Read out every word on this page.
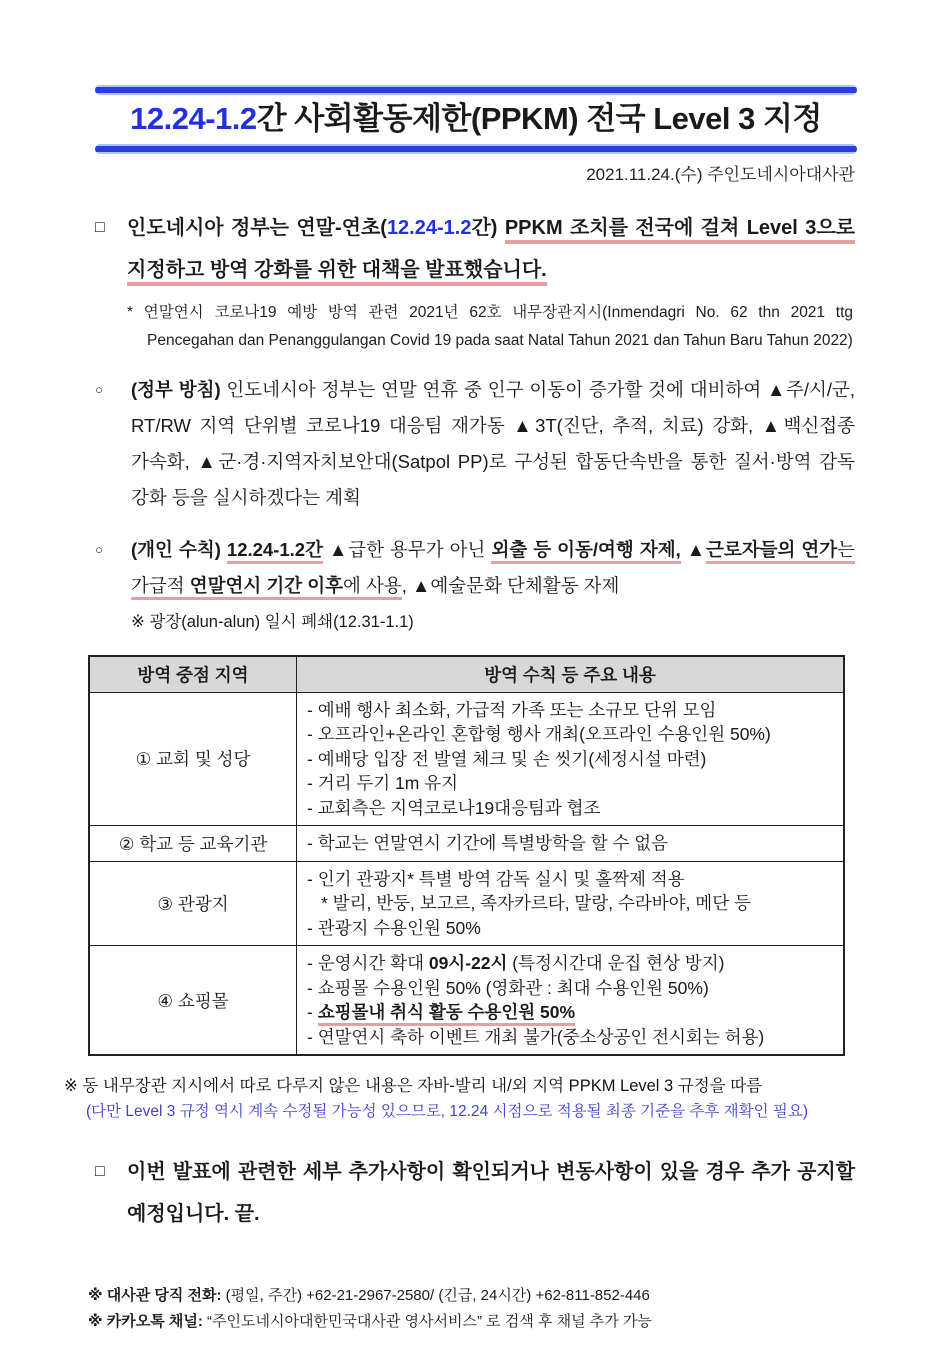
12.24-1.2간 사회활동제한(PPKM) 전국 Level 3 지정
2021.11.24.(수) 주인도네시아대사관
□ 인도네시아 정부는 연말-연초(12.24-1.2간) PPKM 조치를 전국에 걸쳐 Level 3으로 지정하고 방역 강화를 위한 대책을 발표했습니다.

* 연말연시 코로나19 예방 방역 관련 2021년 62호 내무장관지시(Inmendagri No. 62 thn 2021 ttg Pencegahan dan Penanggulangan Covid 19 pada saat Natal Tahun 2021 dan Tahun Baru Tahun 2022)

○ (정부 방침) 인도네시아 정부는 연말 연휴 중 인구 이동이 증가할 것에 대비하여 ▲주/시/군, RT/RW 지역 단위별 코로나19 대응팀 재가동 ▲3T(진단, 추적, 치료) 강화, ▲백신접종 가속화, ▲군·경·지역자치보안대(Satpol PP)로 구성된 합동단속반을 통한 질서·방역 감독 강화 등을 실시하겠다는 계획
○ (개인 수칙) 12.24-1.2간 ▲급한 용무가 아닌 외출 등 이동/여행 자제, ▲근로자들의 연가는 가급적 연말연시 기간 이후에 사용, ▲예술문화 단체활동 자제
※ 광장(alun-alun) 일시 폐쇄(12.31-1.1)
방역 중점 지역	방역 수칙 등 주요 내용
① 교회 및 성당	- 예배 행사 최소화, 가급적 가족 또는 소규모 단위 모임
- 오프라인+온라인 혼합형 행사 개최(오프라인 수용인원 50%)
- 예배당 입장 전 발열 체크 및 손 씻기(세정시설 마련)
- 거리 두기 1m 유지
- 교회측은 지역코로나19대응팀과 협조

② 학교 등 교육기관	- 학교는 연말연시 기간에 특별방학을 할 수 없음

③ 관광지	- 인기 관광지* 특별 방역 감독 실시 및 홀짝제 적용
* 발리, 반둥, 보고르, 족자카르타, 말랑, 수라바야, 메단 등
- 관광지 수용인원 50%

④ 쇼핑몰	- 운영시간 확대 09시-22시 (특정시간대 운집 현상 방지)
- 쇼핑몰 수용인원 50% (영화관 : 최대 수용인원 50%)
- 쇼핑몰내 취식 활동 수용인원 50%
- 연말연시 축하 이벤트 개최 불가(중소상공인 전시회는 허용)
※ 동 내무장관 지시에서 따로 다루지 않은 내용은 자바-발리 내/외 지역 PPKM Level 3 규정을 따름
(다만 Level 3 규정 역시 계속 수정될 가능성 있으므로, 12.24 시점으로 적용될 최종 기준을 추후 재확인 필요)
□ 이번 발표에 관련한 세부 추가사항이 확인되거나 변동사항이 있을 경우 추가 공지할 예정입니다. 끝.
※ 대사관 당직 전화: (평일, 주간) +62-21-2967-2580/ (긴급, 24시간) +62-811-852-446
※ 카카오톡 채널: “주인도네시아대한민국대사관 영사서비스” 로 검색 후 채널 추가 가능
